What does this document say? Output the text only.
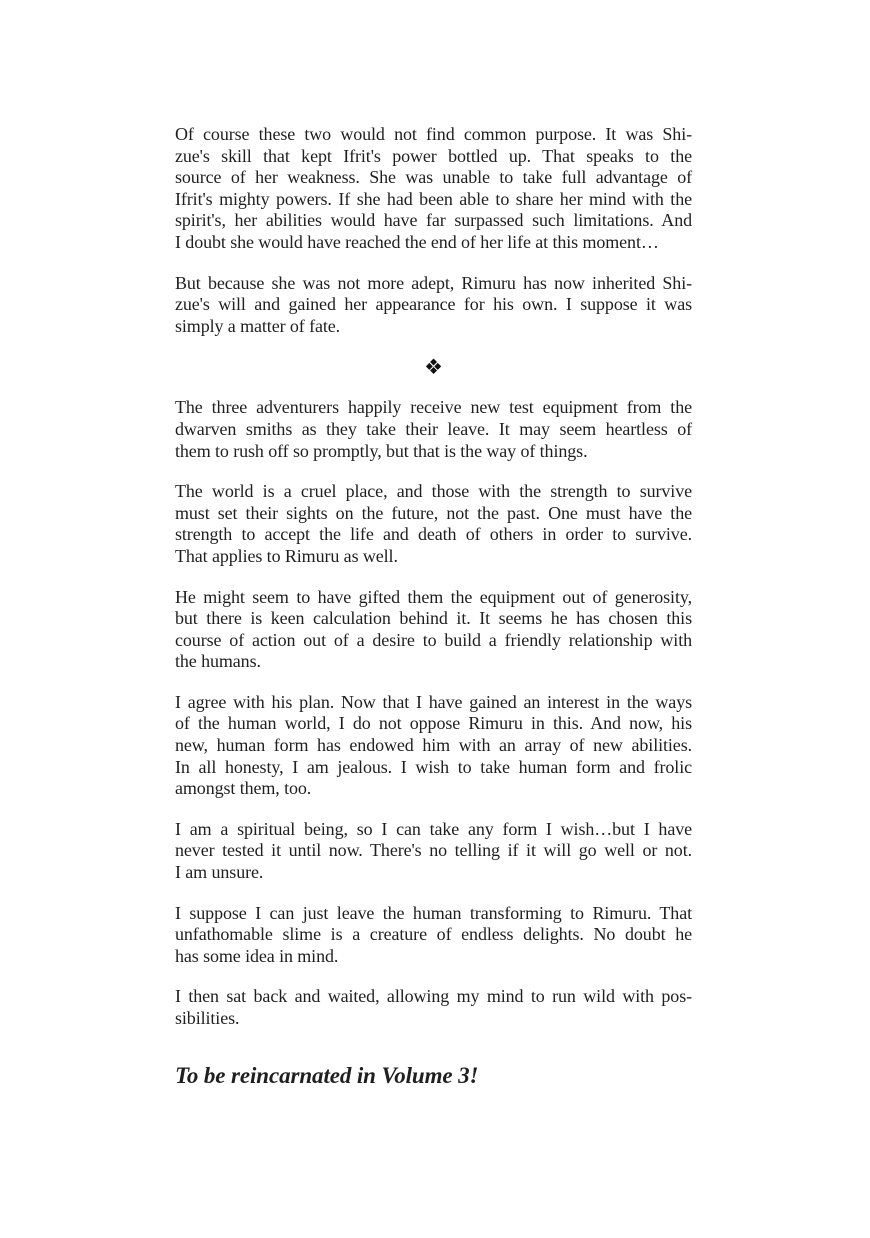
Of course these two would not find common purpose. It was Shi-
zue's skill that kept Ifrit's power bottled up. That speaks to the
source of her weakness. She was unable to take full advantage of
Ifrit's mighty powers. If she had been able to share her mind with the
spirit's, her abilities would have far surpassed such limitations. And
I doubt she would have reached the end of her life at this moment…

But because she was not more adept, Rimuru has now inherited Shi-
zue's will and gained her appearance for his own. I suppose it was
simply a matter of fate.

❖

The three adventurers happily receive new test equipment from the
dwarven smiths as they take their leave. It may seem heartless of
them to rush off so promptly, but that is the way of things.

The world is a cruel place, and those with the strength to survive
must set their sights on the future, not the past. One must have the
strength to accept the life and death of others in order to survive.
That applies to Rimuru as well.

He might seem to have gifted them the equipment out of generosity,
but there is keen calculation behind it. It seems he has chosen this
course of action out of a desire to build a friendly relationship with
the humans.

I agree with his plan. Now that I have gained an interest in the ways
of the human world, I do not oppose Rimuru in this. And now, his
new, human form has endowed him with an array of new abilities.
In all honesty, I am jealous. I wish to take human form and frolic
amongst them, too.

I am a spiritual being, so I can take any form I wish…but I have
never tested it until now. There's no telling if it will go well or not.
I am unsure.

I suppose I can just leave the human transforming to Rimuru. That
unfathomable slime is a creature of endless delights. No doubt he
has some idea in mind.

I then sat back and waited, allowing my mind to run wild with pos-
sibilities.

To be reincarnated in Volume 3!
